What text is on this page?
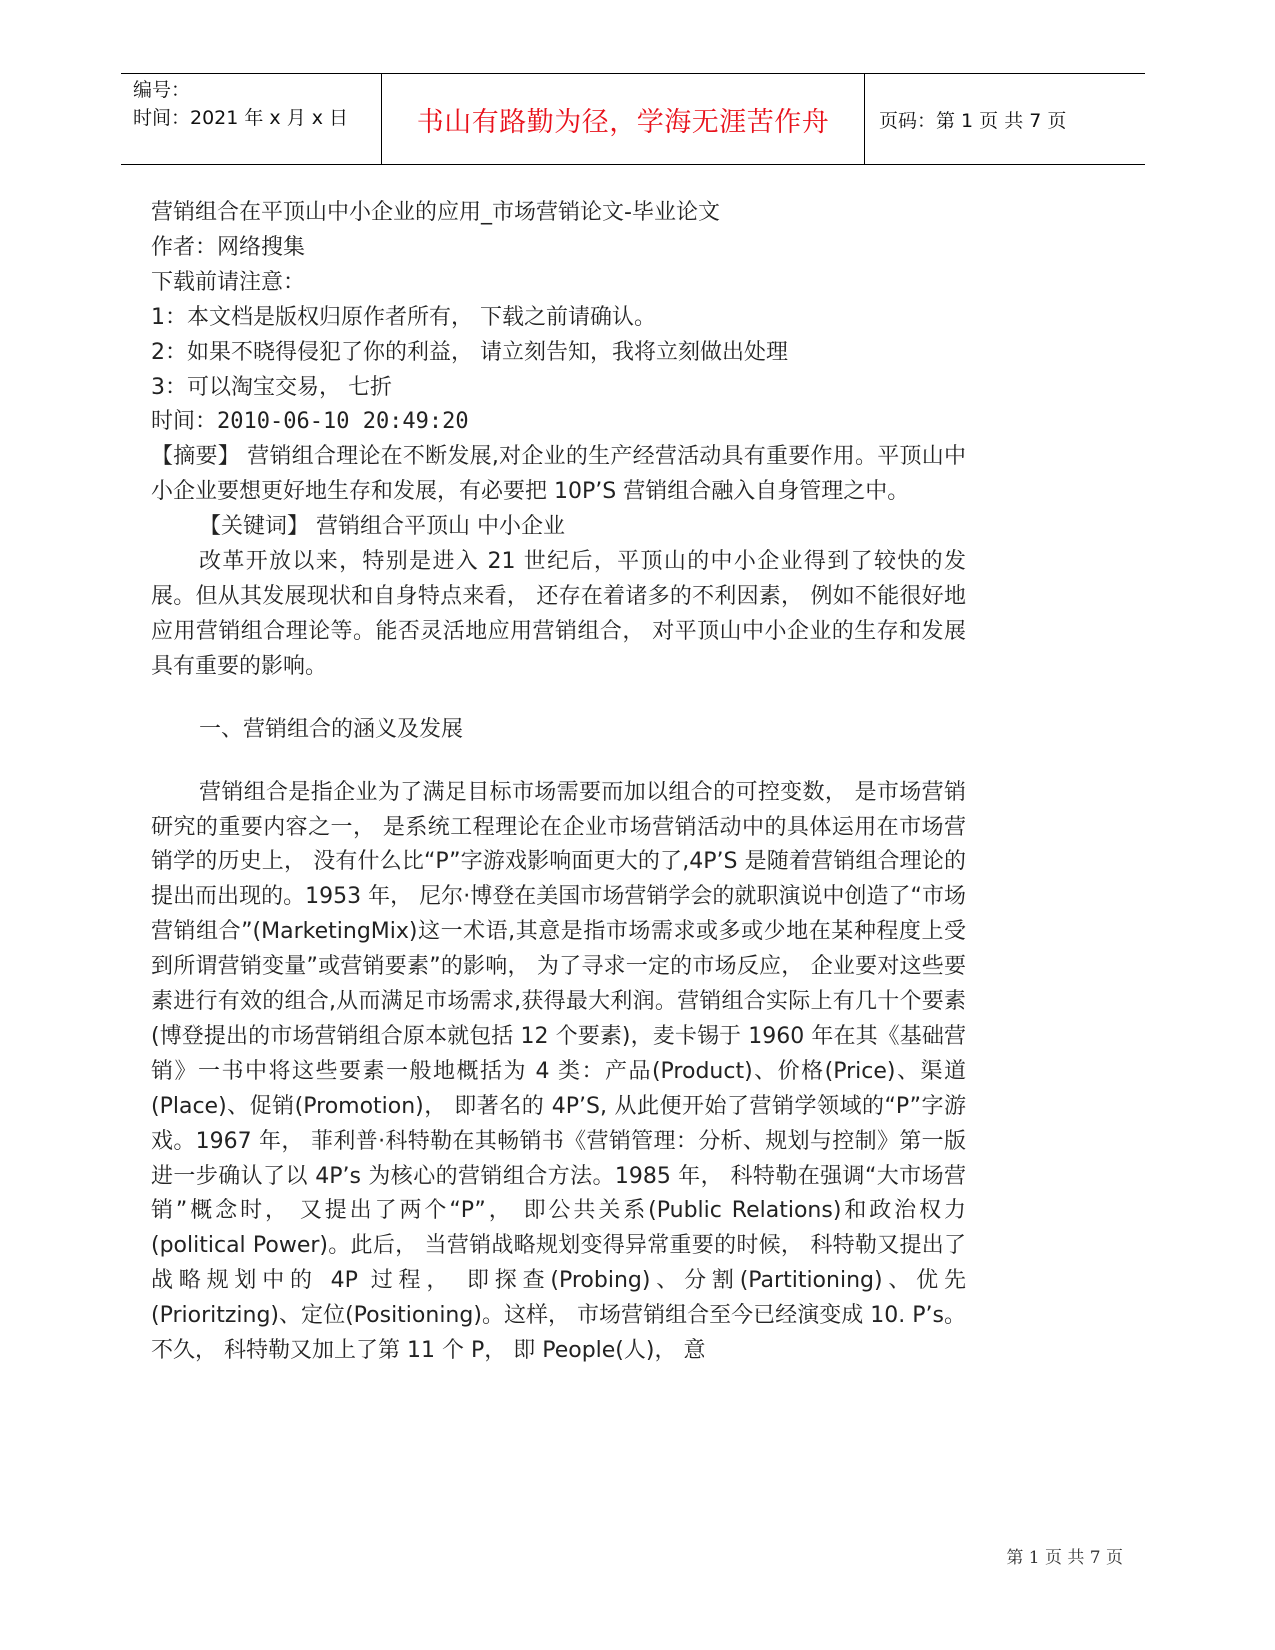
编号：
时间：2021 年 x 月 x 日	书山有路勤为径，学海无涯苦作舟	页码：第 1 页 共 7 页

营销组合在平顶山中小企业的应用_市场营销论文-毕业论文

作者：网络搜集

下载前请注意：

1：本文档是版权归原作者所有， 下载之前请确认。

2：如果不晓得侵犯了你的利益， 请立刻告知，我将立刻做出处理

3：可以淘宝交易， 七折

时间：2010-06-10 20:49:20

【摘要】 营销组合理论在不断发展,对企业的生产经营活动具有重要作用。平顶山中小企业要想更好地生存和发展，有必要把 10P’S 营销组合融入自身管理之中。

【关键词】 营销组合平顶山 中小企业

改革开放以来，特别是进入 21 世纪后，平顶山的中小企业得到了较快的发展。但从其发展现状和自身特点来看， 还存在着诸多的不利因素， 例如不能很好地应用营销组合理论等。能否灵活地应用营销组合， 对平顶山中小企业的生存和发展具有重要的影响。

一、营销组合的涵义及发展

营销组合是指企业为了满足目标市场需要而加以组合的可控变数， 是市场营销研究的重要内容之一， 是系统工程理论在企业市场营销活动中的具体运用在市场营销学的历史上， 没有什么比“P”字游戏影响面更大的了,4P’S 是随着营销组合理论的提出而出现的。1953 年， 尼尔·博登在美国市场营销学会的就职演说中创造了“市场营销组合”(MarketingMix)这一术语,其意是指市场需求或多或少地在某种程度上受到所谓营销变量”或营销要素”的影响， 为了寻求一定的市场反应， 企业要对这些要素进行有效的组合,从而满足市场需求,获得最大利润。营销组合实际上有几十个要素(博登提出的市场营销组合原本就包括 12 个要素)，麦卡锡于 1960 年在其《基础营销》一书中将这些要素一般地概括为 4 类：产品(Product)、价格(Price)、渠道(Place)、促销(Promotion)， 即著名的 4P’S, 从此便开始了营销学领域的“P”字游戏。1967 年， 菲利普·科特勒在其畅销书《营销管理：分析、规划与控制》第一版进一步确认了以 4P’s 为核心的营销组合方法。1985 年， 科特勒在强调“大市场营销”概念时， 又提出了两个“P”， 即公共关系(Public Relations)和政治权力(political Power)。此后， 当营销战略规划变得异常重要的时候， 科特勒又提出了战略规划中的 4P 过程， 即探查(Probing)、分割(Partitioning)、优先(Prioritzing)、定位(Positioning)。这样， 市场营销组合至今已经演变成 10. P’s。不久， 科特勒又加上了第 11 个 P， 即 People(人)， 意

第 1 页 共 7 页
